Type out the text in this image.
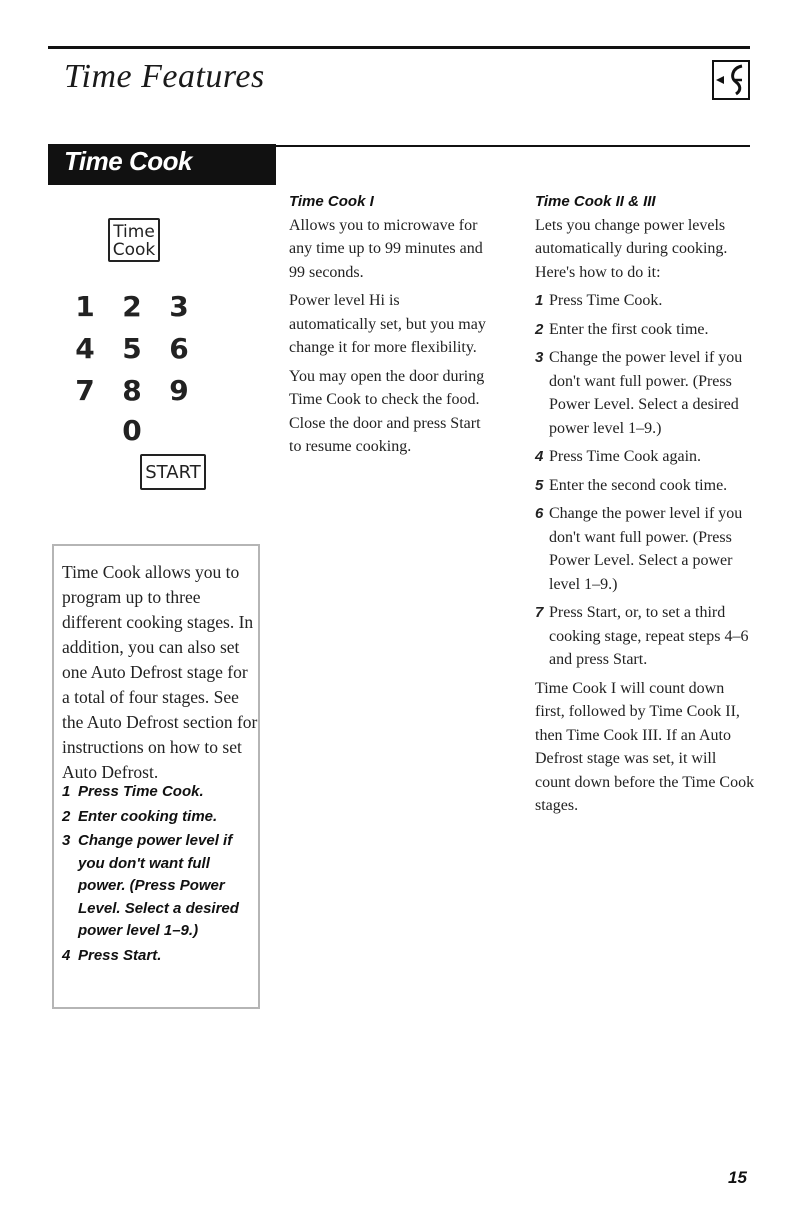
Time Features
Time Cook
Time
Cook
1 2 3
4 5 6
7 8 9
0
START
Time Cook allows you to program up to three different cooking stages. In addition, you can also set one Auto Defrost stage for a total of four stages. See the Auto Defrost section for instructions on how to set Auto Defrost.
1 Press Time Cook.
2 Enter cooking time.
3 Change power level if you don't want full power. (Press Power Level. Select a desired power level 1–9.)
4 Press Start.
Time Cook I

Allows you to microwave for any time up to 99 minutes and 99 seconds.

Power level Hi is automatically set, but you may change it for more flexibility.

You may open the door during Time Cook to check the food. Close the door and press Start to resume cooking.

Time Cook II & III

Lets you change power levels automatically during cooking. Here's how to do it:

1 Press Time Cook.
2 Enter the first cook time.
3 Change the power level if you don't want full power. (Press Power Level. Select a desired power level 1–9.)
4 Press Time Cook again.
5 Enter the second cook time.
6 Change the power level if you don't want full power. (Press Power Level. Select a power level 1–9.)
7 Press Start, or, to set a third cooking stage, repeat steps 4–6 and press Start.

Time Cook I will count down first, followed by Time Cook II, then Time Cook III. If an Auto Defrost stage was set, it will count down before the Time Cook stages.

15
